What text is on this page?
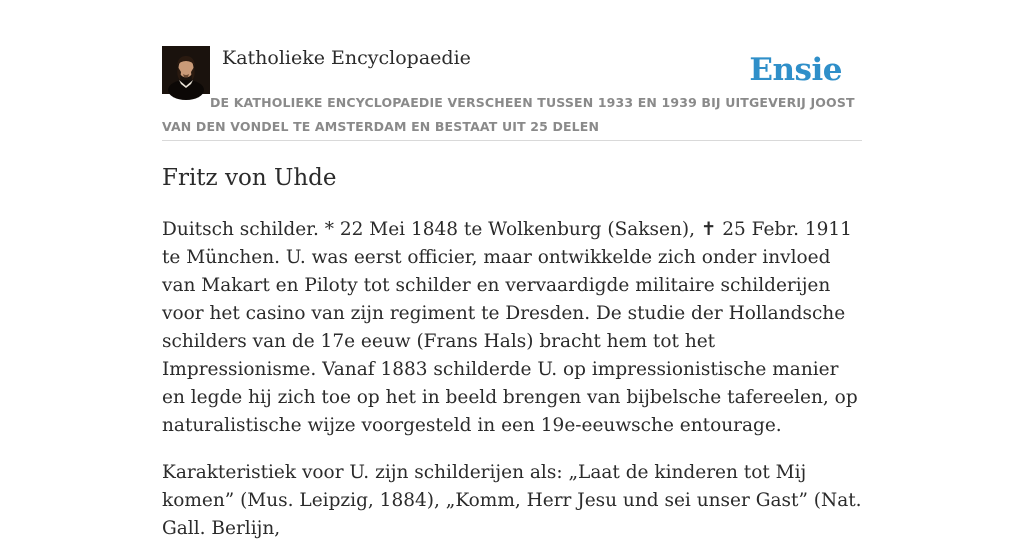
Katholieke Encyclopaedie	Ensie
DE KATHOLIEKE ENCYCLOPAEDIE VERSCHEEN TUSSEN 1933 EN 1939 BIJ UITGEVERIJ JOOST VAN DEN VONDEL TE AMSTERDAM EN BESTAAT UIT 25 DELEN
Fritz von Uhde

Duitsch schilder. * 22 Mei 1848 te Wolkenburg (Saksen), ✝ 25 Febr. 1911 te München. U. was eerst officier, maar ontwikkelde zich onder invloed van Makart en Piloty tot schilder en vervaardigde militaire schilderijen voor het casino van zijn regiment te Dresden. De studie der Hollandsche schilders van de 17e eeuw (Frans Hals) bracht hem tot het Impressionisme. Vanaf 1883 schilderde U. op impressionistische manier en legde hij zich toe op het in beeld brengen van bijbelsche tafereelen, op naturalistische wijze voorgesteld in een 19e-eeuwsche entourage.

Karakteristiek voor U. zijn schilderijen als: „Laat de kinderen tot Mij komen” (Mus. Leipzig, 1884), „Komm, Herr Jesu und sei unser Gast” (Nat. Gall. Berlijn,
